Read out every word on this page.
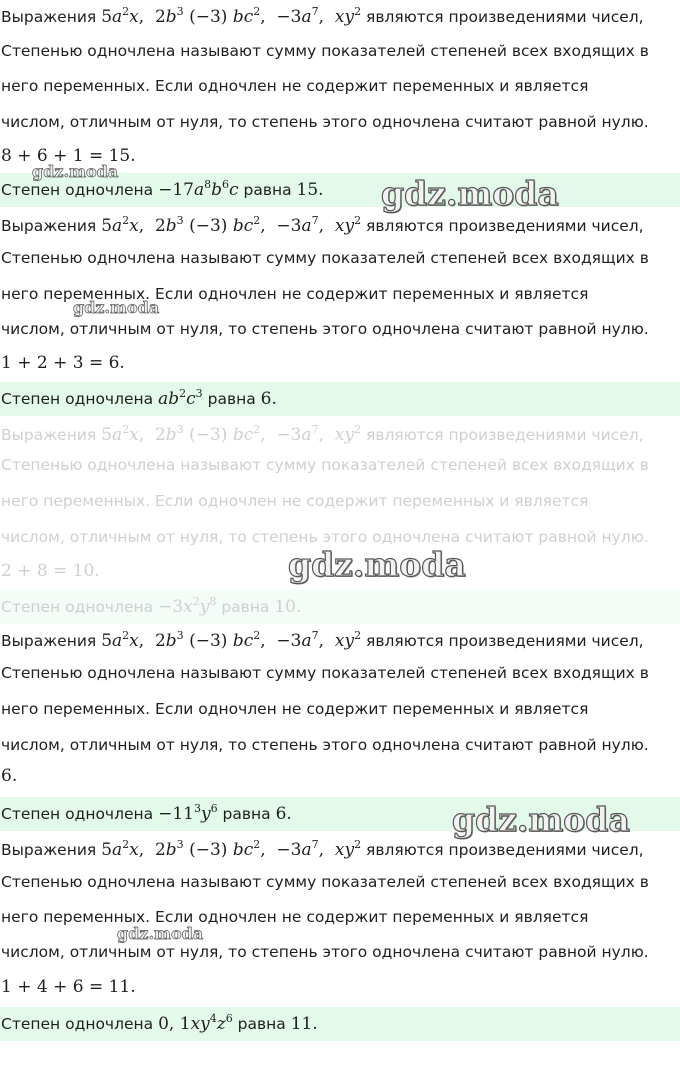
Выражения $5a^2x$,  $2b^3$ (−3) $bc^2$,  $-3a^7$,  $xy^2$ являются произведениями чисел,
Степенью одночлена называют сумму показателей степеней всех входящих в
него переменных. Если одночлен не содержит переменных и является
числом, отличным от нуля, то степень этого одночлена считают равной нулю.
8 + 6 + 1 = 15.
Степен одночлена $-17a^8b^6c$ равна 15.
Выражения $5a^2x$,  $2b^3$ (−3) $bc^2$,  $-3a^7$,  $xy^2$ являются произведениями чисел,
Степенью одночлена называют сумму показателей степеней всех входящих в
него переменных. Если одночлен не содержит переменных и является
числом, отличным от нуля, то степень этого одночлена считают равной нулю.
1 + 2 + 3 = 6.
Степен одночлена $ab^2c^3$ равна 6.
Выражения $5a^2x$,  $2b^3$ (−3) $bc^2$,  $-3a^7$,  $xy^2$ являются произведениями чисел,
Степенью одночлена называют сумму показателей степеней всех входящих в
него переменных. Если одночлен не содержит переменных и является
числом, отличным от нуля, то степень этого одночлена считают равной нулю.
2 + 8 = 10.
Степен одночлена $-3x^2y^8$ равна 10.
Выражения $5a^2x$,  $2b^3$ (−3) $bc^2$,  $-3a^7$,  $xy^2$ являются произведениями чисел,
Степенью одночлена называют сумму показателей степеней всех входящих в
него переменных. Если одночлен не содержит переменных и является
числом, отличным от нуля, то степень этого одночлена считают равной нулю.
6.
Степен одночлена $-11^3y^6$ равна 6.
Выражения $5a^2x$,  $2b^3$ (−3) $bc^2$,  $-3a^7$,  $xy^2$ являются произведениями чисел,
Степенью одночлена называют сумму показателей степеней всех входящих в
него переменных. Если одночлен не содержит переменных и является
числом, отличным от нуля, то степень этого одночлена считают равной нулю.
1 + 4 + 6 = 11.
Степен одночлена 0, $1xy^4z^6$ равна 11.
gdz.moda
gdz.moda
gdz.moda
gdz.moda
gdz.moda
gdz.moda
